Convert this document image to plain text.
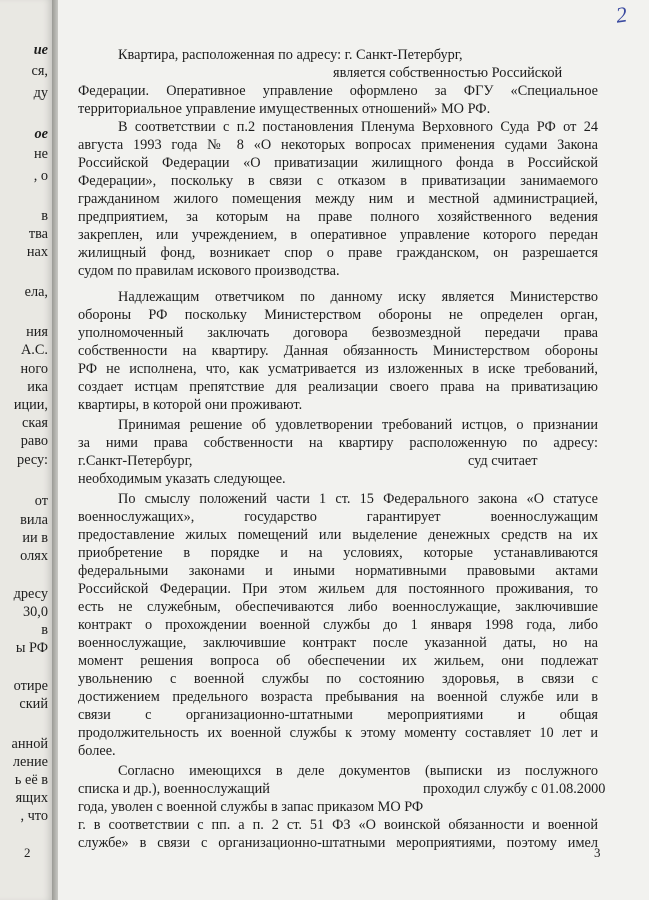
ие
ся,
ду
ое
не
, о
в
тва
нах
ела,
ния
А.С.
ного
ика
иции,
ская
раво
ресу:
от
вила
ии в
олях
дресу
30,0
в
ы РФ
отире
ский
анной
ление
ь её в
ящих
, что
2
2
Квартира, расположенная по адресу: г. Санкт-Петербург,
является собственностью Российской
Федерации. Оперативное управление оформлено за ФГУ «Специальное
территориальное управление имущественных отношений» МО РФ.
В соответствии с п.2 постановления Пленума Верховного Суда РФ от 24
августа 1993 года № 8 «О некоторых вопросах применения судами Закона
Российской Федерации «О приватизации жилищного фонда в Российской
Федерации», поскольку в связи с отказом в приватизации занимаемого
гражданином жилого помещения между ним и местной администрацией,
предприятием, за которым на праве полного хозяйственного ведения
закреплен, или учреждением, в оперативное управление которого передан
жилищный фонд, возникает спор о праве гражданском, он разрешается
судом по правилам искового производства.
Надлежащим ответчиком по данному иску является Министерство
обороны РФ поскольку Министерством обороны не определен орган,
уполномоченный заключать договора безвозмездной передачи права
собственности на квартиру. Данная обязанность Министерством обороны
РФ не исполнена, что, как усматривается из изложенных в иске требований,
создает истцам препятствие для реализации своего права на приватизацию
квартиры, в которой они проживают.
Принимая решение об удовлетворении требований истцов, о признании
за ними права собственности на квартиру расположенную по адресу:
г.Санкт-Петербург,	суд считает
необходимым указать следующее.
По смыслу положений части 1 ст. 15 Федерального закона «О статусе
военнослужащих», государство гарантирует военнослужащим
предоставление жилых помещений или выделение денежных средств на их
приобретение в порядке и на условиях, которые устанавливаются
федеральными законами и иными нормативными правовыми актами
Российской Федерации. При этом жильем для постоянного проживания, то
есть не служебным, обеспечиваются либо военнослужащие, заключившие
контракт о прохождении военной службы до 1 января 1998 года, либо
военнослужащие, заключившие контракт после указанной даты, но на
момент решения вопроса об обеспечении их жильем, они подлежат
увольнению с военной службы по состоянию здоровья, в связи с
достижением предельного возраста пребывания на военной службе или в
связи с организационно-штатными мероприятиями и общая
продолжительность их военной службы к этому моменту составляет 10 лет и
более.
Согласно имеющихся в деле документов (выписки из послужного
списка и др.), военнослужащий	проходил службу с 01.08.2000
года, уволен с военной службы в запас приказом МО РФ
г. в соответствии с пп. а п. 2 ст. 51 ФЗ «О воинской обязанности и военной
службе» в связи с организационно-штатными мероприятиями, поэтому имел
3
